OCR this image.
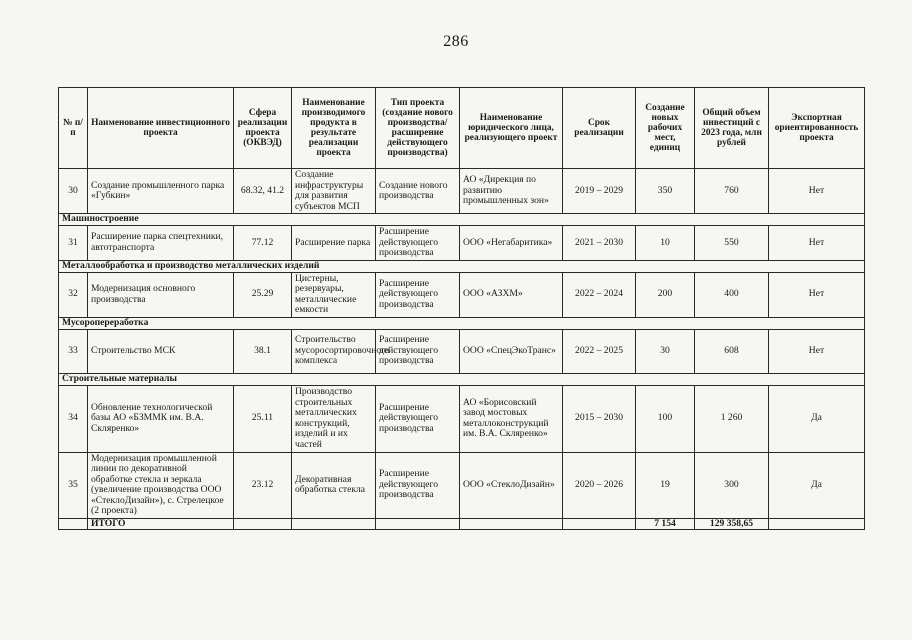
286
№ п/п	Наименование инвестиционного проекта	Сфера реализации проекта (ОКВЭД)	Наименование производимого продукта в результате реализации проекта	Тип проекта (создание нового производства/ расширение действующего производства)	Наименование юридического лица, реализующего проект	Срок реализации	Создание новых рабочих мест, единиц	Общий объем инвестиций с 2023 года, млн рублей	Экспортная ориентированность проекта
30	Создание промышленного парка «Губкин»	68.32, 41.2	Создание инфраструктуры для развития субъектов МСП	Создание нового производства	АО «Дирекция по развитию промышленных зон»	2019 – 2029	350	760	Нет
Машиностроение									
31	Расширение парка спецтехники, автотранспорта	77.12	Расширение парка	Расширение действующего производства	ООО «Негабаритика»	2021 – 2030	10	550	Нет
Металлообработка и производство металлических изделий									
32	Модернизация основного производства	25.29	Цистерны, резервуары, металлические емкости	Расширение действующего производства	ООО «АЗХМ»	2022 – 2024	200	400	Нет
Мусоропереработка									
33	Строительство МСК	38.1	Строительство мусоросортировочного комплекса	Расширение действующего производства	ООО «СпецЭкоТранс»	2022 – 2025	30	608	Нет
Строительные материалы									
34	Обновление технологической базы АО «БЗММК им. В.А. Скляренко»	25.11	Производство строительных металлических конструкций, изделий и их частей	Расширение действующего производства	АО «Борисовский завод мостовых металлоконструкций им. В.А. Скляренко»	2015 – 2030	100	1 260	Да
35	Модернизация промышленной линии по декоративной обработке стекла и зеркала (увеличение производства ООО «СтеклоДизайн»), с. Стрелецкое (2 проекта)	23.12	Декоративная обработка стекла	Расширение действующего производства	ООО «СтеклоДизайн»	2020 – 2026	19	300	Да
	ИТОГО						7 154	129 358,65	
